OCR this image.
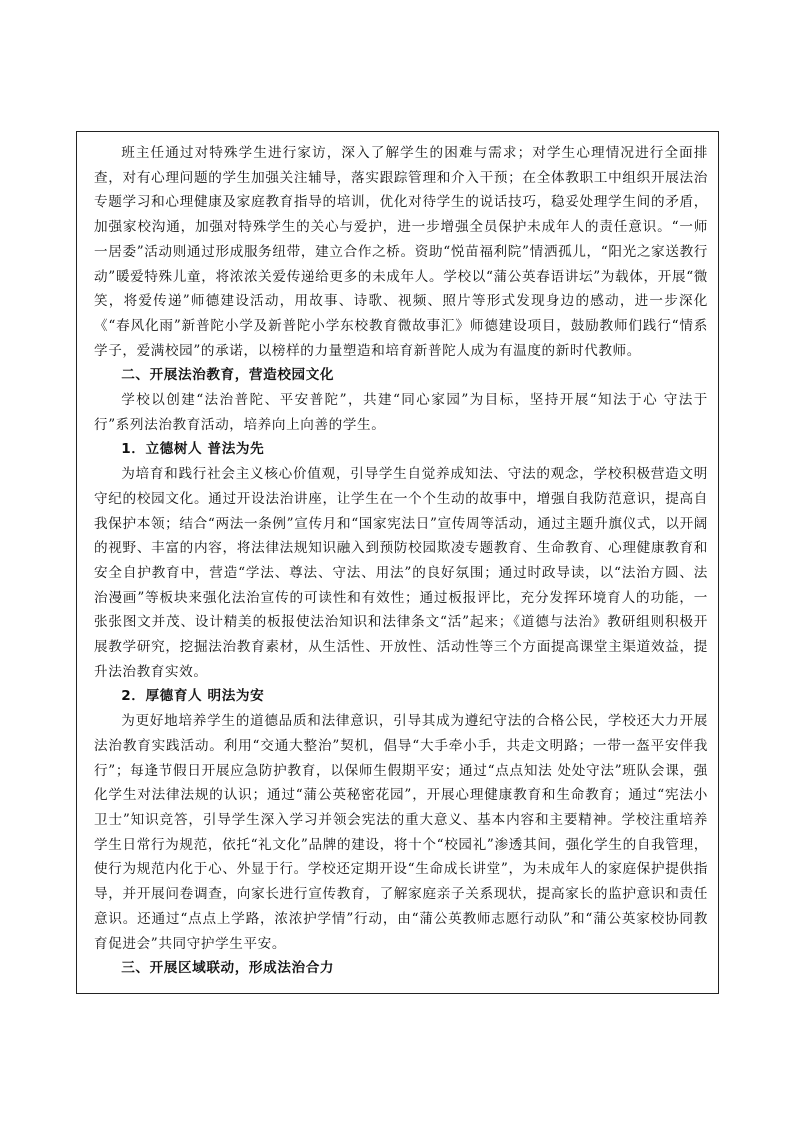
班主任通过对特殊学生进行家访，深入了解学生的困难与需求；对学生心理情况进行全面排查，对有心理问题的学生加强关注辅导，落实跟踪管理和介入干预；在全体教职工中组织开展法治专题学习和心理健康及家庭教育指导的培训，优化对待学生的说话技巧，稳妥处理学生间的矛盾，加强家校沟通，加强对特殊学生的关心与爱护，进一步增强全员保护未成年人的责任意识。“一师一居委”活动则通过形成服务纽带，建立合作之桥。资助“悦苗福利院”情洒孤儿，“阳光之家送教行动”暖爱特殊儿童，将浓浓关爱传递给更多的未成年人。学校以“蒲公英春语讲坛”为载体，开展“微笑，将爱传递”师德建设活动，用故事、诗歌、视频、照片等形式发现身边的感动，进一步深化《“春风化雨”新普陀小学及新普陀小学东校教育微故事汇》师德建设项目，鼓励教师们践行“情系学子，爱满校园”的承诺，以榜样的力量塑造和培育新普陀人成为有温度的新时代教师。

二、开展法治教育，营造校园文化

学校以创建“法治普陀、平安普陀”，共建“同心家园”为目标，坚持开展“知法于心 守法于行”系列法治教育活动，培养向上向善的学生。

1．立德树人 普法为先

为培育和践行社会主义核心价值观，引导学生自觉养成知法、守法的观念，学校积极营造文明守纪的校园文化。通过开设法治讲座，让学生在一个个生动的故事中，增强自我防范意识，提高自我保护本领；结合“两法一条例”宣传月和“国家宪法日”宣传周等活动，通过主题升旗仪式，以开阔的视野、丰富的内容，将法律法规知识融入到预防校园欺凌专题教育、生命教育、心理健康教育和安全自护教育中，营造“学法、尊法、守法、用法”的良好氛围；通过时政导读，以“法治方圆、法治漫画”等板块来强化法治宣传的可读性和有效性；通过板报评比，充分发挥环境育人的功能，一张张图文并茂、设计精美的板报使法治知识和法律条文“活”起来；《道德与法治》教研组则积极开展教学研究，挖掘法治教育素材，从生活性、开放性、活动性等三个方面提高课堂主渠道效益，提升法治教育实效。

2．厚德育人 明法为安

为更好地培养学生的道德品质和法律意识，引导其成为遵纪守法的合格公民，学校还大力开展法治教育实践活动。利用“交通大整治”契机，倡导“大手牵小手，共走文明路；一带一盔平安伴我行”；每逢节假日开展应急防护教育，以保师生假期平安；通过“点点知法 处处守法”班队会课，强化学生对法律法规的认识；通过“蒲公英秘密花园”，开展心理健康教育和生命教育；通过“宪法小卫士”知识竞答，引导学生深入学习并领会宪法的重大意义、基本内容和主要精神。学校注重培养学生日常行为规范，依托“礼文化”品牌的建设，将十个“校园礼”渗透其间，强化学生的自我管理，使行为规范内化于心、外显于行。学校还定期开设“生命成长讲堂”，为未成年人的家庭保护提供指导，并开展问卷调查，向家长进行宣传教育，了解家庭亲子关系现状，提高家长的监护意识和责任意识。还通过“点点上学路，浓浓护学情”行动，由“蒲公英教师志愿行动队”和“蒲公英家校协同教育促进会”共同守护学生平安。

三、开展区域联动，形成法治合力
